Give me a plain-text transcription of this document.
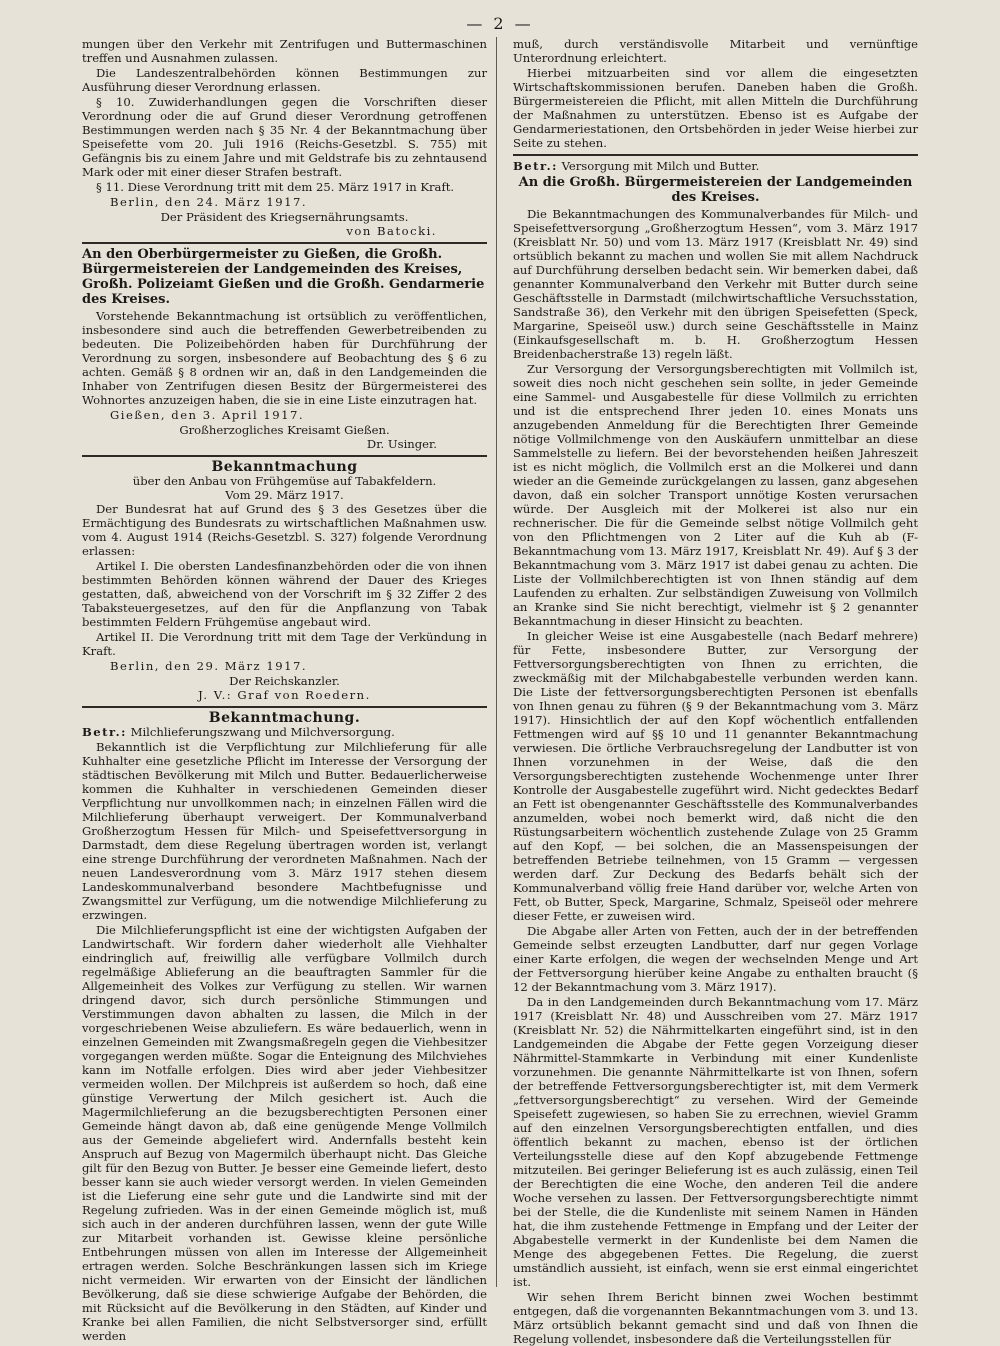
— 2 —

mungen über den Verkehr mit Zentrifugen und Buttermaschinen treffen und Ausnahmen zulassen.

Die Landeszentralbehörden können Bestimmungen zur Ausführung dieser Verordnung erlassen.

§ 10. Zuwiderhandlungen gegen die Vorschriften dieser Verordnung oder die auf Grund dieser Verordnung getroffenen Bestimmungen werden nach § 35 Nr. 4 der Bekanntmachung über Speisefette vom 20. Juli 1916 (Reichs-Gesetzbl. S. 755) mit Gefängnis bis zu einem Jahre und mit Geldstrafe bis zu zehntausend Mark oder mit einer dieser Strafen bestraft.

§ 11. Diese Verordnung tritt mit dem 25. März 1917 in Kraft.

Berlin, den 24. März 1917.

Der Präsident des Kriegsernährungsamts.

von Batocki.

An den Oberbürgermeister zu Gießen, die Großh. Bürgermeistereien der Landgemeinden des Kreises, Großh. Polizeiamt Gießen und die Großh. Gendarmerie des Kreises.

Vorstehende Bekanntmachung ist ortsüblich zu veröffentlichen, insbesondere sind auch die betreffenden Gewerbetreibenden zu bedeuten. Die Polizeibehörden haben für Durchführung der Verordnung zu sorgen, insbesondere auf Beobachtung des § 6 zu achten. Gemäß § 8 ordnen wir an, daß in den Landgemeinden die Inhaber von Zentrifugen diesen Besitz der Bürgermeisterei des Wohnortes anzuzeigen haben, die sie in eine Liste einzutragen hat.

Gießen, den 3. April 1917.

Großherzogliches Kreisamt Gießen.

Dr. Usinger.

Bekanntmachung

über den Anbau von Frühgemüse auf Tabakfeldern.

Vom 29. März 1917.

Der Bundesrat hat auf Grund des § 3 des Gesetzes über die Ermächtigung des Bundesrats zu wirtschaftlichen Maßnahmen usw. vom 4. August 1914 (Reichs-Gesetzbl. S. 327) folgende Verordnung erlassen:

Artikel I. Die obersten Landesfinanzbehörden oder die von ihnen bestimmten Behörden können während der Dauer des Krieges gestatten, daß, abweichend von der Vorschrift im § 32 Ziffer 2 des Tabaksteuergesetzes, auf den für die Anpflanzung von Tabak bestimmten Feldern Frühgemüse angebaut wird.

Artikel II. Die Verordnung tritt mit dem Tage der Verkündung in Kraft.

Berlin, den 29. März 1917.

Der Reichskanzler.

J. V.: Graf von Roedern.

Bekanntmachung.

Betr.: Milchlieferungszwang und Milchversorgung.

Bekanntlich ist die Verpflichtung zur Milchlieferung für alle Kuhhalter eine gesetzliche Pflicht im Interesse der Versorgung der städtischen Bevölkerung mit Milch und Butter. Bedauerlicherweise kommen die Kuhhalter in verschiedenen Gemeinden dieser Verpflichtung nur unvollkommen nach; in einzelnen Fällen wird die Milchlieferung überhaupt verweigert. Der Kommunalverband Großherzogtum Hessen für Milch- und Speisefettversorgung in Darmstadt, dem diese Regelung übertragen worden ist, verlangt eine strenge Durchführung der verordneten Maßnahmen. Nach der neuen Landesverordnung vom 3. März 1917 stehen diesem Landeskommunalverband besondere Machtbefugnisse und Zwangsmittel zur Verfügung, um die notwendige Milchlieferung zu erzwingen.

Die Milchlieferungspflicht ist eine der wichtigsten Aufgaben der Landwirtschaft. Wir fordern daher wiederholt alle Viehhalter eindringlich auf, freiwillig alle verfügbare Vollmilch durch regelmäßige Ablieferung an die beauftragten Sammler für die Allgemeinheit des Volkes zur Verfügung zu stellen. Wir warnen dringend davor, sich durch persönliche Stimmungen und Verstimmungen davon abhalten zu lassen, die Milch in der vorgeschriebenen Weise abzuliefern. Es wäre bedauerlich, wenn in einzelnen Gemeinden mit Zwangsmaßregeln gegen die Viehbesitzer vorgegangen werden müßte. Sogar die Enteignung des Milchviehes kann im Notfalle erfolgen. Dies wird aber jeder Viehbesitzer vermeiden wollen. Der Milchpreis ist außerdem so hoch, daß eine günstige Verwertung der Milch gesichert ist. Auch die Magermilchlieferung an die bezugsberechtigten Personen einer Gemeinde hängt davon ab, daß eine genügende Menge Vollmilch aus der Gemeinde abgeliefert wird. Andernfalls besteht kein Anspruch auf Bezug von Magermilch überhaupt nicht. Das Gleiche gilt für den Bezug von Butter. Je besser eine Gemeinde liefert, desto besser kann sie auch wieder versorgt werden. In vielen Gemeinden ist die Lieferung eine sehr gute und die Landwirte sind mit der Regelung zufrieden. Was in der einen Gemeinde möglich ist, muß sich auch in der anderen durchführen lassen, wenn der gute Wille zur Mitarbeit vorhanden ist. Gewisse kleine persönliche Entbehrungen müssen von allen im Interesse der Allgemeinheit ertragen werden. Solche Beschränkungen lassen sich im Kriege nicht vermeiden. Wir erwarten von der Einsicht der ländlichen Bevölkerung, daß sie diese schwierige Aufgabe der Behörden, die mit Rücksicht auf die Bevölkerung in den Städten, auf Kinder und Kranke bei allen Familien, die nicht Selbstversorger sind, erfüllt werden

muß, durch verständisvolle Mitarbeit und vernünftige Unterordnung erleichtert.

Hierbei mitzuarbeiten sind vor allem die eingesetzten Wirtschaftskommissionen berufen. Daneben haben die Großh. Bürgermeistereien die Pflicht, mit allen Mitteln die Durchführung der Maßnahmen zu unterstützen. Ebenso ist es Aufgabe der Gendarmeriestationen, den Ortsbehörden in jeder Weise hierbei zur Seite zu stehen.

Betr.: Versorgung mit Milch und Butter.

An die Großh. Bürgermeistereien der Landgemeinden des Kreises.

Die Bekanntmachungen des Kommunalverbandes für Milch- und Speisefettversorgung „Großherzogtum Hessen“, vom 3. März 1917 (Kreisblatt Nr. 50) und vom 13. März 1917 (Kreisblatt Nr. 49) sind ortsüblich bekannt zu machen und wollen Sie mit allem Nachdruck auf Durchführung derselben bedacht sein. Wir bemerken dabei, daß genannter Kommunalverband den Verkehr mit Butter durch seine Geschäftsstelle in Darmstadt (milchwirtschaftliche Versuchsstation, Sandstraße 36), den Verkehr mit den übrigen Speisefetten (Speck, Margarine, Speiseöl usw.) durch seine Geschäftsstelle in Mainz (Einkaufsgesellschaft m. b. H. Großherzogtum Hessen Breidenbacherstraße 13) regeln läßt.

Zur Versorgung der Versorgungsberechtigten mit Vollmilch ist, soweit dies noch nicht geschehen sein sollte, in jeder Gemeinde eine Sammel- und Ausgabestelle für diese Vollmilch zu errichten und ist die entsprechend Ihrer jeden 10. eines Monats uns anzugebenden Anmeldung für die Berechtigten Ihrer Gemeinde nötige Vollmilchmenge von den Auskäufern unmittelbar an diese Sammelstelle zu liefern. Bei der bevorstehenden heißen Jahreszeit ist es nicht möglich, die Vollmilch erst an die Molkerei und dann wieder an die Gemeinde zurückgelangen zu lassen, ganz abgesehen davon, daß ein solcher Transport unnötige Kosten verursachen würde. Der Ausgleich mit der Molkerei ist also nur ein rechnerischer. Die für die Gemeinde selbst nötige Vollmilch geht von den Pflichtmengen von 2 Liter auf die Kuh ab (F-Bekanntmachung vom 13. März 1917, Kreisblatt Nr. 49). Auf § 3 der Bekanntmachung vom 3. März 1917 ist dabei genau zu achten. Die Liste der Vollmilchberechtigten ist von Ihnen ständig auf dem Laufenden zu erhalten. Zur selbständigen Zuweisung von Vollmilch an Kranke sind Sie nicht berechtigt, vielmehr ist § 2 genannter Bekanntmachung in dieser Hinsicht zu beachten.

In gleicher Weise ist eine Ausgabestelle (nach Bedarf mehrere) für Fette, insbesondere Butter, zur Versorgung der Fettversorgungsberechtigten von Ihnen zu errichten, die zweckmäßig mit der Milchabgabestelle verbunden werden kann. Die Liste der fettversorgungsberechtigten Personen ist ebenfalls von Ihnen genau zu führen (§ 9 der Bekanntmachung vom 3. März 1917). Hinsichtlich der auf den Kopf wöchentlich entfallenden Fettmengen wird auf §§ 10 und 11 genannter Bekanntmachung verwiesen. Die örtliche Verbrauchsregelung der Landbutter ist von Ihnen vorzunehmen in der Weise, daß die den Versorgungsberechtigten zustehende Wochenmenge unter Ihrer Kontrolle der Ausgabestelle zugeführt wird. Nicht gedecktes Bedarf an Fett ist obengenannter Geschäftsstelle des Kommunalverbandes anzumelden, wobei noch bemerkt wird, daß nicht die den Rüstungsarbeitern wöchentlich zustehende Zulage von 25 Gramm auf den Kopf, — bei solchen, die an Massenspeisungen der betreffenden Betriebe teilnehmen, von 15 Gramm — vergessen werden darf. Zur Deckung des Bedarfs behält sich der Kommunalverband völlig freie Hand darüber vor, welche Arten von Fett, ob Butter, Speck, Margarine, Schmalz, Speiseöl oder mehrere dieser Fette, er zuweisen wird.

Die Abgabe aller Arten von Fetten, auch der in der betreffenden Gemeinde selbst erzeugten Landbutter, darf nur gegen Vorlage einer Karte erfolgen, die wegen der wechselnden Menge und Art der Fettversorgung hierüber keine Angabe zu enthalten braucht (§ 12 der Bekanntmachung vom 3. März 1917).

Da in den Landgemeinden durch Bekanntmachung vom 17. März 1917 (Kreisblatt Nr. 48) und Ausschreiben vom 27. März 1917 (Kreisblatt Nr. 52) die Nährmittelkarten eingeführt sind, ist in den Landgemeinden die Abgabe der Fette gegen Vorzeigung dieser Nährmittel-Stammkarte in Verbindung mit einer Kundenliste vorzunehmen. Die genannte Nährmittelkarte ist von Ihnen, sofern der betreffende Fettversorgungsberechtigter ist, mit dem Vermerk „fettversorgungsberechtigt“ zu versehen. Wird der Gemeinde Speisefett zugewiesen, so haben Sie zu errechnen, wieviel Gramm auf den einzelnen Versorgungsberechtigten entfallen, und dies öffentlich bekannt zu machen, ebenso ist der örtlichen Verteilungsstelle diese auf den Kopf abzugebende Fettmenge mitzuteilen. Bei geringer Belieferung ist es auch zulässig, einen Teil der Berechtigten die eine Woche, den anderen Teil die andere Woche versehen zu lassen. Der Fettversorgungsberechtigte nimmt bei der Stelle, die die Kundenliste mit seinem Namen in Händen hat, die ihm zustehende Fettmenge in Empfang und der Leiter der Abgabestelle vermerkt in der Kundenliste bei dem Namen die Menge des abgegebenen Fettes. Die Regelung, die zuerst umständlich aussieht, ist einfach, wenn sie erst einmal eingerichtet ist.

Wir sehen Ihrem Bericht binnen zwei Wochen bestimmt entgegen, daß die vorgenannten Bekanntmachungen vom 3. und 13. März ortsüblich bekannt gemacht sind und daß von Ihnen die Regelung vollendet, insbesondere daß die Verteilungsstellen für
